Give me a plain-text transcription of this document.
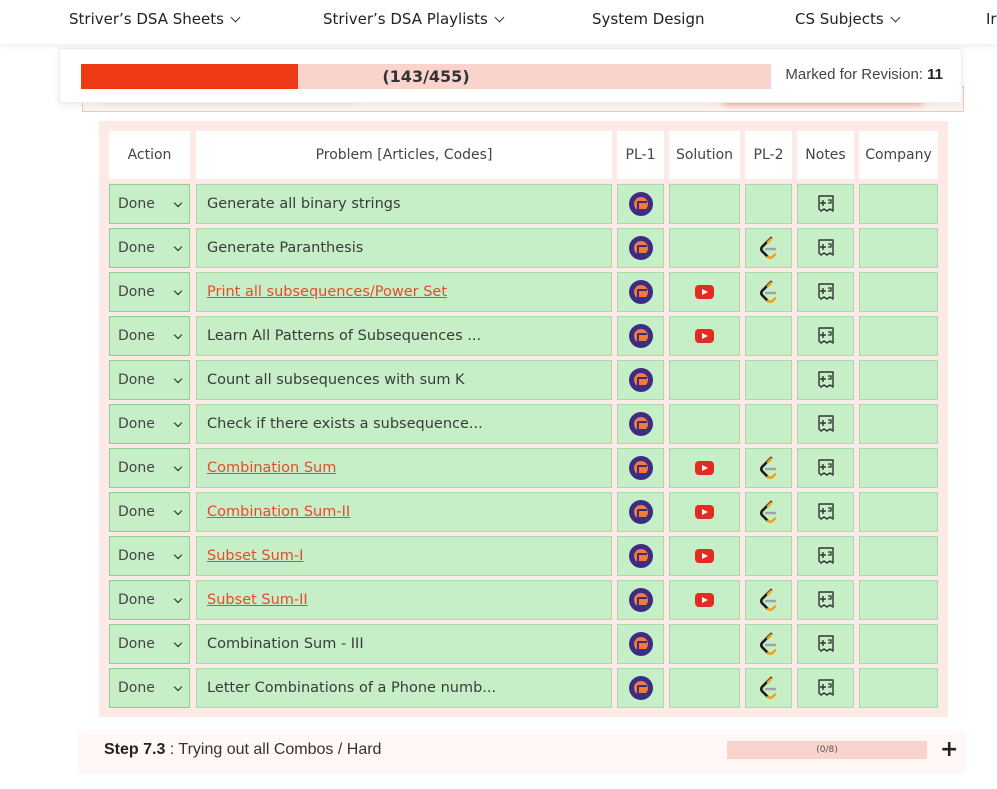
Striver’s DSA Sheets	Striver’s DSA Playlists	System Design	CS Subjects	Ir
(143/455)	Marked for Revision: 11
Action	Problem [Articles, Codes]	PL-1	Solution	PL-2	Notes	Company
Done	Generate all binary strings
Done	Generate Paranthesis
Done	Print all subsequences/Power Set
Done	Learn All Patterns of Subsequences ...
Done	Count all subsequences with sum K
Done	Check if there exists a subsequence...
Done	Combination Sum
Done	Combination Sum-II
Done	Subset Sum-I
Done	Subset Sum-II
Done	Combination Sum - III
Done	Letter Combinations of a Phone numb...
Step 7.3 : Trying out all Combos / Hard	(0/8)	+
